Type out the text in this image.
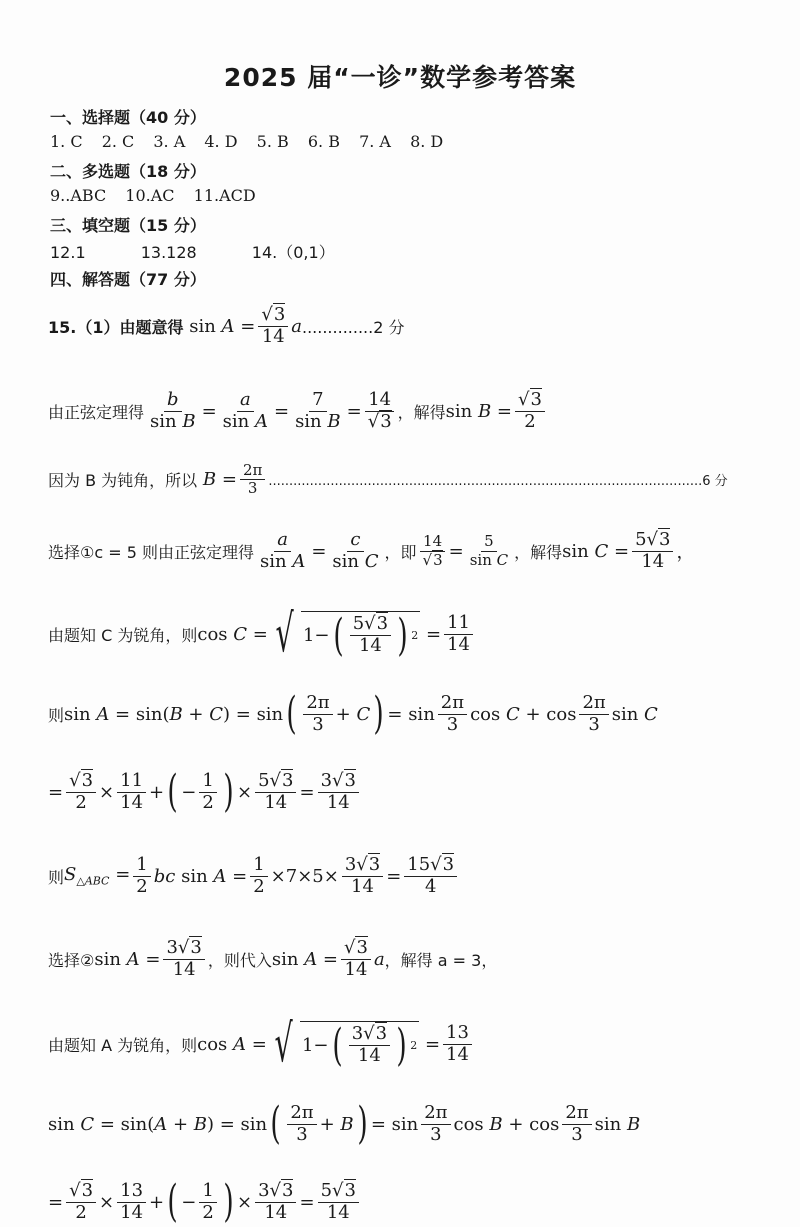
2025 届“一诊”数学参考答案
一、选择题（40 分）
1. C 2. C 3. A 4. D 5. B 6. B 7. A 8. D
二、多选题（18 分）
9..ABC 10.AC 11.ACD
三、填空题（15 分）
12.1	13.128	14.（0,1）
四、解答题（77 分）
15.（1）由题意得 $\sin A = \frac{√3}{14}$ a ..............2 分
由正弦定理得
b
sin B =
a
sin A =
7
sin B =
14
√3 ，解得 $\sin B = \frac{√3}{2}$
因为 B 为钝角，所以 $B = \frac{2\pi}{3} .........................................................................................................6$ 分
选择① c = 5 则由正弦定理得
a
sin A =
c
sin C ，即
14
√3 = 5
sin C ，解得 $\sin C = \frac{5√3}{14}$ ，
由题知 C 为锐角，则 cos C = √ 1− ( 5√3
14 ) 2 =
11
14
则 sin A = sin(B + C) = sin ( 2π
3 + C ) = sin
2π
3 cos C + cos
2π
3 sin C
= $\frac{√3}{2}$ ×
11
14 + ( −
1
2 ) ×
5√3
14 =
3√3
14
则 $S_{\triangle ABC} = \frac{1}{2}$ bc $\sin A = \frac{1}{2} \times 7\times 5\times \frac{3√3}{14}$ =
15√3
4
选择② $\sin A = \frac{3√3}{14}$ ，则代入 $\sin A = \frac{√3}{14}$ a ，解得 a = 3，
由题知 A 为锐角，则 cos A = √ 1− ( 3√3
14 ) 2 =
13
14
sin C = sin(A + B) = sin ( 2π
3 + B ) = sin
2π
3 cos B + cos
2π
3 sin B
= $\frac{√3}{2}$ ×
13
14 + ( −
1
2 ) ×
3√3
14 =
5√3
14
